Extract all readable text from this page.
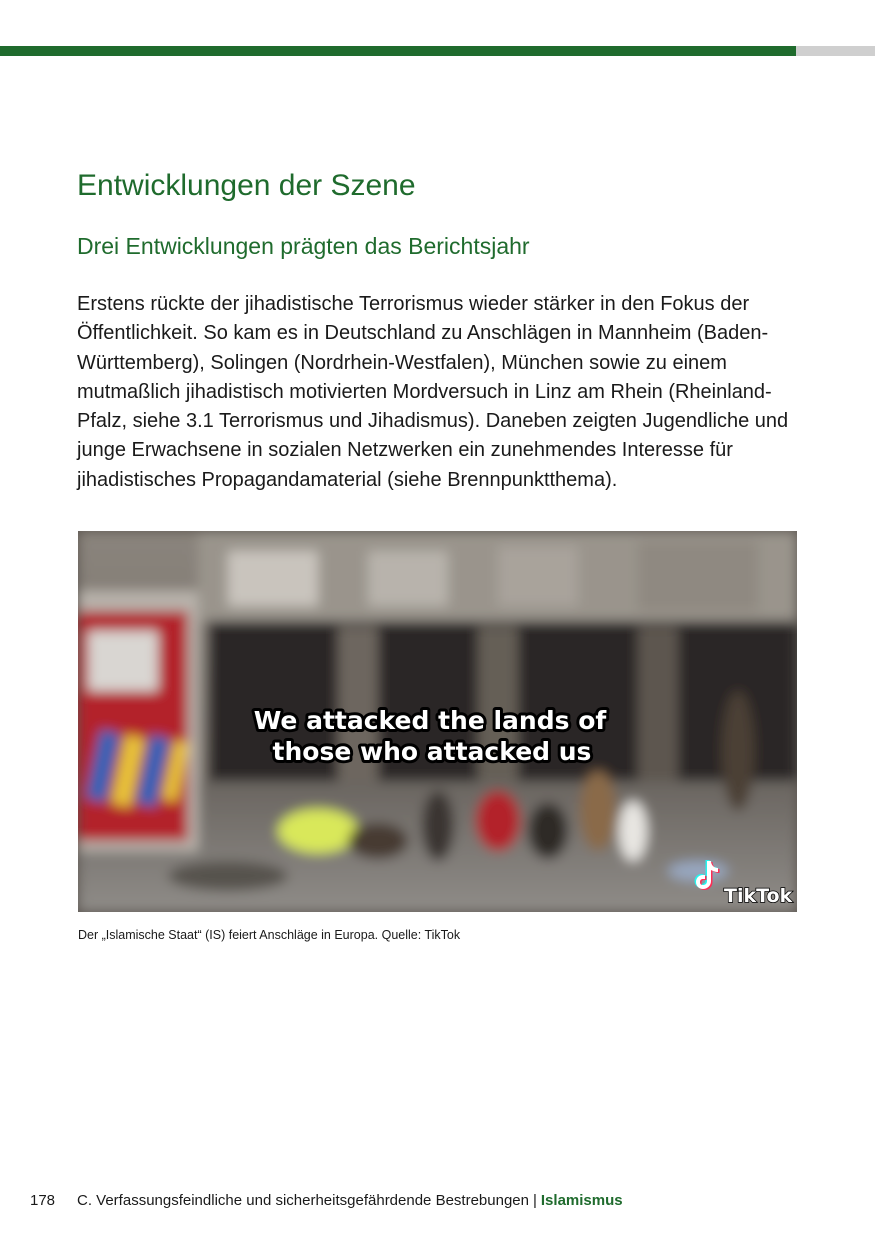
Entwicklungen der Szene
Drei Entwicklungen prägten das Berichtsjahr

Erstens rückte der jihadistische Terrorismus wieder stärker in den Fokus der Öffentlichkeit. So kam es in Deutschland zu Anschlägen in Mannheim (Baden-Württemberg), Solingen (Nordrhein-Westfalen), München sowie zu einem mutmaßlich jihadistisch motivierten Mordversuch in Linz am Rhein (Rheinland-Pfalz, siehe 3.1 Terrorismus und Jihadismus). Daneben zeigten Jugendliche und junge Erwachsene in sozialen Netzwerken ein zunehmendes Interesse für jihadistisches Propagandamaterial (siehe Brennpunktthema).

We attacked the lands of
those who attacked us
TikTok

Der „Islamische Staat“ (IS) feiert Anschläge in Europa. Quelle: TikTok

178 C. Verfassungsfeindliche und sicherheitsgefährdende Bestrebungen | Islamismus
